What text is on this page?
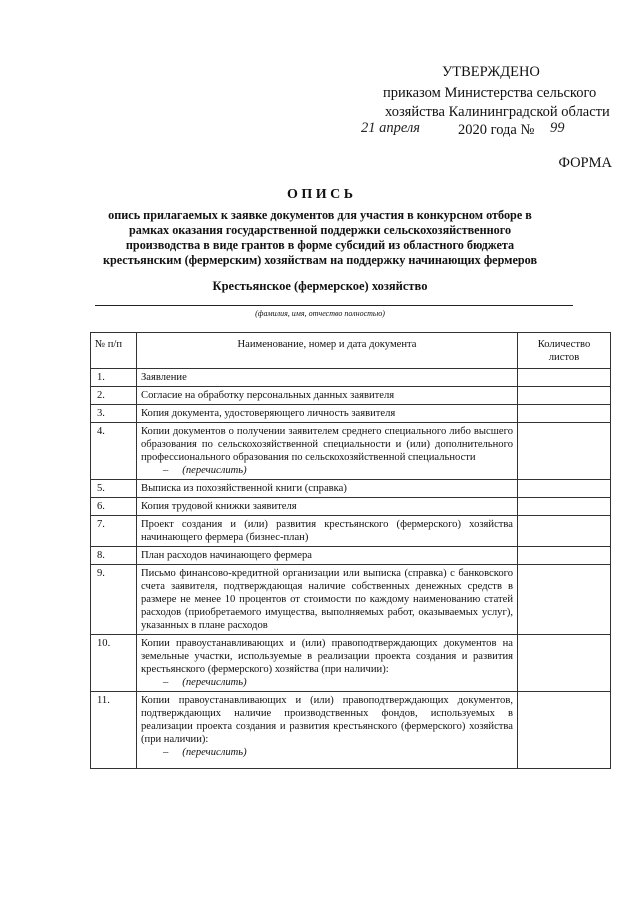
УТВЕРЖДЕНО
приказом Министерства сельского
хозяйства Калининградской области
21 апреля	2020 года № 99
ФОРМА
О П И С Ь
опись прилагаемых к заявке документов для участия в конкурсном отборе в рамках оказания государственной поддержки сельскохозяйственного производства в виде грантов в форме субсидий из областного бюджета крестьянским (фермерским) хозяйствам на поддержку начинающих фермеров
Крестьянское (фермерское) хозяйство
(фамилия, имя, отчество полностью)
№ п/п	Наименование, номер и дата документа	Количество листов
1.	Заявление	
2.	Согласие на обработку персональных данных заявителя	
3.	Копия документа, удостоверяющего личность заявителя	
4.	Копии документов о получении заявителем среднего специального либо высшего образования по сельскохозяйственной специальности и (или) дополнительного профессионального образования по сельскохозяйственной специальности
– (перечислить)	

5.	Выписка из похозяйственной книги (справка)	
6.	Копия трудовой книжки заявителя	
7.	Проект создания и (или) развития крестьянского (фермерского) хозяйства начинающего фермера (бизнес-план)	
8.	План расходов начинающего фермера	
9.	Письмо финансово-кредитной организации или выписка (справка) с банковского счета заявителя, подтверждающая наличие собственных денежных средств в размере не менее 10 процентов от стоимости по каждому наименованию статей расходов (приобретаемого имущества, выполняемых работ, оказываемых услуг), указанных в плане расходов	
10.	Копии правоустанавливающих и (или) правоподтверждающих документов на земельные участки, используемые в реализации проекта создания и развития крестьянского (фермерского) хозяйства (при наличии):
– (перечислить)	

11.	Копии правоустанавливающих и (или) правоподтверждающих документов, подтверждающих наличие производственных фондов, используемых в реализации проекта создания и развития крестьянского (фермерского) хозяйства (при наличии):
– (перечислить)	
